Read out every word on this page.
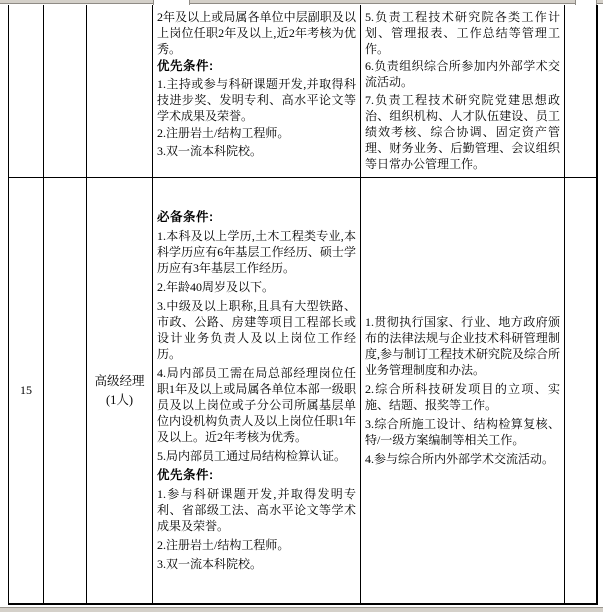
2年及以上或局属各单位中层副职及以上岗位任职2年及以上,近2年考核为优秀。
优先条件:
1.主持或参与科研课题开发,并取得科技进步奖、发明专利、高水平论文等学术成果及荣誉。
2.注册岩土/结构工程师。
3.双一流本科院校。
5.负责工程技术研究院各类工作计划、管理报表、工作总结等管理工作。
6.负责组织综合所参加内外部学术交流活动。
7.负责工程技术研究院党建思想政治、组织机构、人才队伍建设、员工绩效考核、综合协调、固定资产管理、财务业务、后勤管理、会议组织等日常办公管理工作。
15
高级经理
(1人)
必备条件:
1.本科及以上学历,土木工程类专业,本科学历应有6年基层工作经历、硕士学历应有3年基层工作经历。
2.年龄40周岁及以下。
3.中级及以上职称,且具有大型铁路、市政、公路、房建等项目工程部长或设计业务负责人及以上岗位工作经历。
4.局内部员工需在局总部经理岗位任职1年及以上或局属各单位本部一级职员及以上岗位或子分公司所属基层单位内设机构负责人及以上岗位任职1年及以上。近2年考核为优秀。
5.局内部员工通过局结构检算认证。
优先条件:
1.参与科研课题开发,并取得发明专利、省部级工法、高水平论文等学术成果及荣誉。
2.注册岩土/结构工程师。
3.双一流本科院校。
1.贯彻执行国家、行业、地方政府颁布的法律法规与企业技术科研管理制度,参与制订工程技术研究院及综合所业务管理制度和办法。
2.综合所科技研发项目的立项、实施、结题、报奖等工作。
3.综合所施工设计、结构检算复核、特/一级方案编制等相关工作。
4.参与综合所内外部学术交流活动。
